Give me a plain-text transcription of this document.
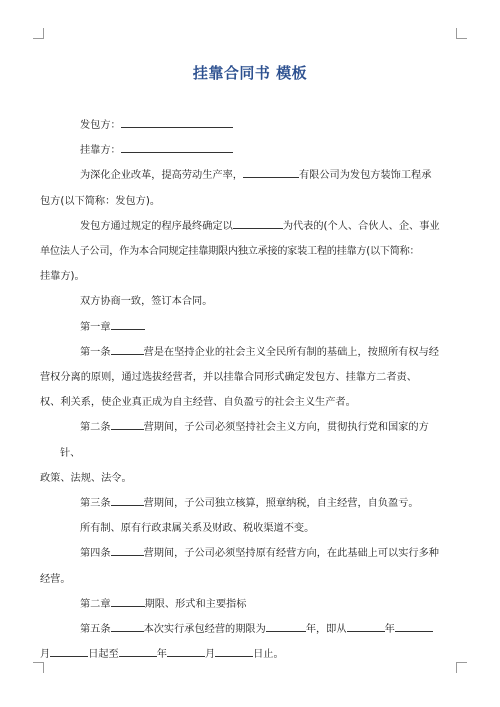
挂靠合同书 模板

发包方：

挂靠方：

为深化企业改革，提高劳动生产率，	有限公司为发包方装饰工程承
包方(以下简称：发包方)。

发包方通过规定的程序最终确定以	为代表的(个人、合伙人、企、事业
单位法人子公司，作为本合同规定挂靠期限内独立承接的家装工程的挂靠方(以下简称：
挂靠方)。

双方协商一致，签订本合同。

第一章

第一条	营是在坚持企业的社会主义全民所有制的基础上，按照所有权与经
营权分离的原则，通过选拔经营者，并以挂靠合同形式确定发包方、挂靠方二者责、
权、利关系，使企业真正成为自主经营、自负盈亏的社会主义生产者。

第二条	营期间，子公司必须坚持社会主义方向，贯彻执行党和国家的方针、
政策、法规、法令。

第三条	营期间，子公司独立核算，照章纳税，自主经营，自负盈亏。

所有制、原有行政隶属关系及财政、税收渠道不变。

第四条	营期间，子公司必须坚持原有经营方向，在此基础上可以实行多种
经营。

第二章	期限、形式和主要指标

第五条	本次实行承包经营的期限为	年，即从	年
月	日起至	年	月	日止。
